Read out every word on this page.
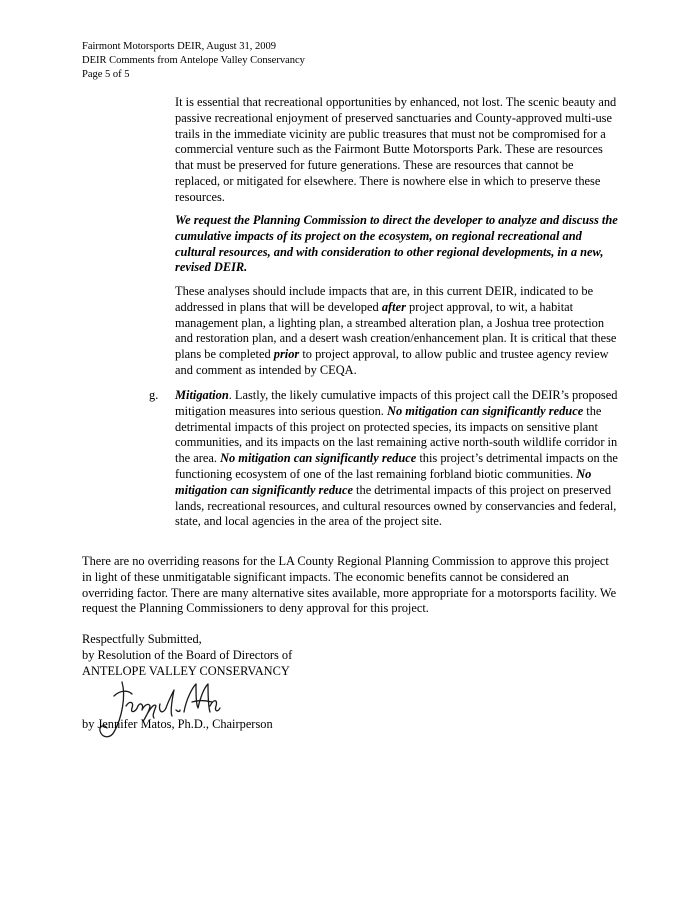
Fairmont Motorsports DEIR, August 31, 2009
DEIR Comments from Antelope Valley Conservancy
Page 5 of 5
It is essential that recreational opportunities by enhanced, not lost. The scenic beauty and passive recreational enjoyment of preserved sanctuaries and County-approved multi-use trails in the immediate vicinity are public treasures that must not be compromised for a commercial venture such as the Fairmont Butte Motorsports Park. These are resources that must be preserved for future generations. These are resources that cannot be replaced, or mitigated for elsewhere. There is nowhere else in which to preserve these resources.
We request the Planning Commission to direct the developer to analyze and discuss the cumulative impacts of its project on the ecosystem, on regional recreational and cultural resources, and with consideration to other regional developments, in a new, revised DEIR.
These analyses should include impacts that are, in this current DEIR, indicated to be addressed in plans that will be developed after project approval, to wit, a habitat management plan, a lighting plan, a streambed alteration plan, a Joshua tree protection and restoration plan, and a desert wash creation/enhancement plan. It is critical that these plans be completed prior to project approval, to allow public and trustee agency review and comment as intended by CEQA.
g. Mitigation. Lastly, the likely cumulative impacts of this project call the DEIR’s proposed mitigation measures into serious question. No mitigation can significantly reduce the detrimental impacts of this project on protected species, its impacts on sensitive plant communities, and its impacts on the last remaining active north-south wildlife corridor in the area. No mitigation can significantly reduce this project’s detrimental impacts on the functioning ecosystem of one of the last remaining forbland biotic communities. No mitigation can significantly reduce the detrimental impacts of this project on preserved lands, recreational resources, and cultural resources owned by conservancies and federal, state, and local agencies in the area of the project site.
There are no overriding reasons for the LA County Regional Planning Commission to approve this project in light of these unmitigatable significant impacts. The economic benefits cannot be considered an overriding factor. There are many alternative sites available, more appropriate for a motorsports facility. We request the Planning Commissioners to deny approval for this project.
Respectfully Submitted,
by Resolution of the Board of Directors of
ANTELOPE VALLEY CONSERVANCY
by Jennifer Matos, Ph.D., Chairperson
